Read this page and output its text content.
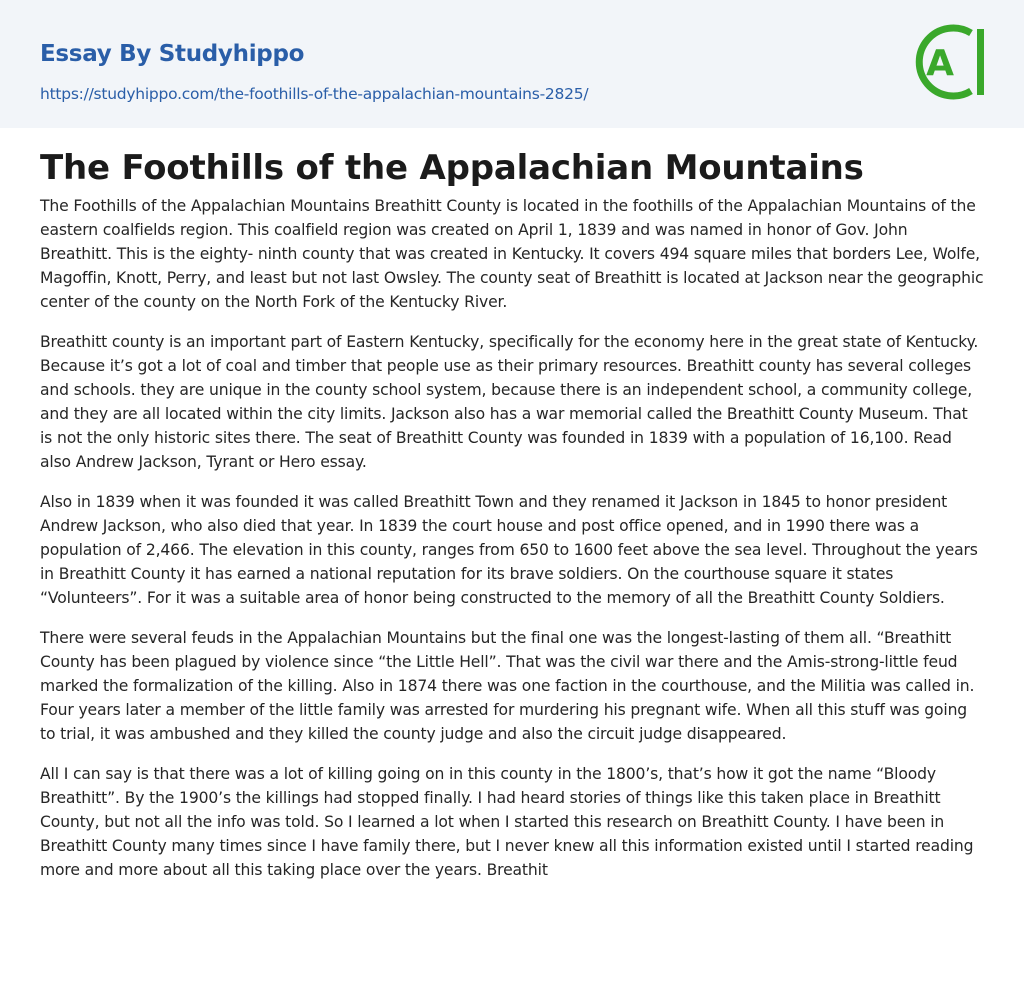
Essay By Studyhippo
https://studyhippo.com/the-foothills-of-the-appalachian-mountains-2825/
A
The Foothills of the Appalachian Mountains

The Foothills of the Appalachian Mountains Breathitt County is located in the foothills of the Appalachian Mountains of the eastern coalfields region. This coalfield region was created on April 1, 1839 and was named in honor of Gov. John Breathitt. This is the eighty- ninth county that was created in Kentucky. It covers 494 square miles that borders Lee, Wolfe, Magoffin, Knott, Perry, and least but not last Owsley. The county seat of Breathitt is located at Jackson near the geographic center of the county on the North Fork of the Kentucky River.

Breathitt county is an important part of Eastern Kentucky, specifically for the economy here in the great state of Kentucky. Because it’s got a lot of coal and timber that people use as their primary resources. Breathitt county has several colleges and schools. they are unique in the county school system, because there is an independent school, a community college, and they are all located within the city limits. Jackson also has a war memorial called the Breathitt County Museum. That is not the only historic sites there. The seat of Breathitt County was founded in 1839 with a population of 16,100. Read also Andrew Jackson, Tyrant or Hero essay.

Also in 1839 when it was founded it was called Breathitt Town and they renamed it Jackson in 1845 to honor president Andrew Jackson, who also died that year. In 1839 the court house and post office opened, and in 1990 there was a population of 2,466. The elevation in this county, ranges from 650 to 1600 feet above the sea level. Throughout the years in Breathitt County it has earned a national reputation for its brave soldiers. On the courthouse square it states “Volunteers”. For it was a suitable area of honor being constructed to the memory of all the Breathitt County Soldiers.

There were several feuds in the Appalachian Mountains but the final one was the longest-lasting of them all. “Breathitt County has been plagued by violence since “the Little Hell”. That was the civil war there and the Amis-strong-little feud marked the formalization of the killing. Also in 1874 there was one faction in the courthouse, and the Militia was called in. Four years later a member of the little family was arrested for murdering his pregnant wife. When all this stuff was going to trial, it was ambushed and they killed the county judge and also the circuit judge disappeared.

All I can say is that there was a lot of killing going on in this county in the 1800’s, that’s how it got the name “Bloody Breathitt”. By the 1900’s the killings had stopped finally. I had heard stories of things like this taken place in Breathitt County, but not all the info was told. So I learned a lot when I started this research on Breathitt County. I have been in Breathitt County many times since I have family there, but I never knew all this information existed until I started reading more and more about all this taking place over the years. Breathit
